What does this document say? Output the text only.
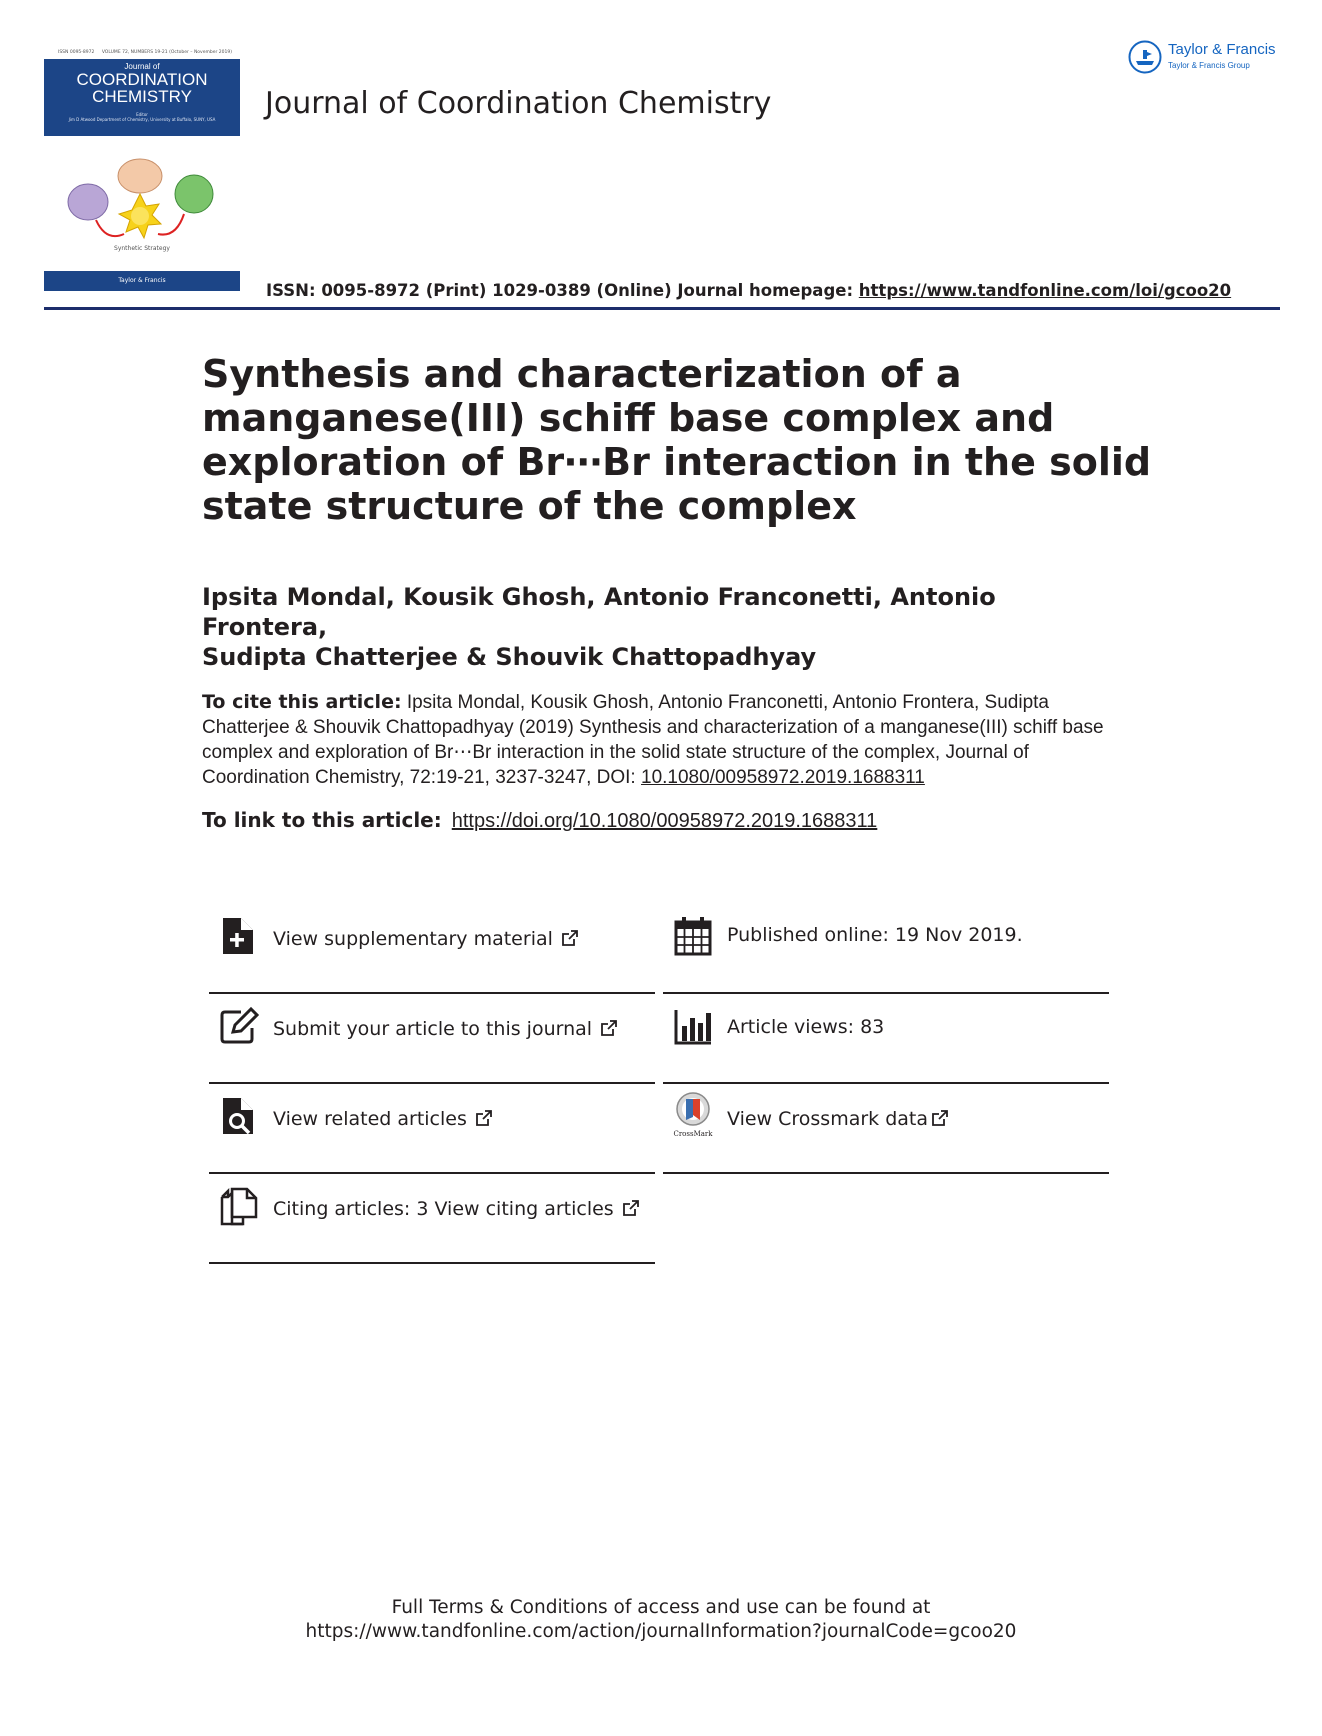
ISSN 0095-8972 VOLUME 72, NUMBERS 19-21 (October – November 2019)
Journal of
COORDINATION
CHEMISTRY
Editor
Jim D Atwood Department of Chemistry, University at Buffalo, SUNY, USA
Synthetic Strategy
Taylor & Francis
Journal of Coordination Chemistry
Taylor & Francis
Taylor & Francis Group
ISSN: 0095-8972 (Print) 1029-0389 (Online) Journal homepage: https://www.tandfonline.com/loi/gcoo20
Synthesis and characterization of a manganese(III) schiff base complex and exploration of Br⋯Br interaction in the solid state structure of the complex
Ipsita Mondal, Kousik Ghosh, Antonio Franconetti, Antonio Frontera,
Sudipta Chatterjee & Shouvik Chattopadhyay
To cite this article: Ipsita Mondal, Kousik Ghosh, Antonio Franconetti, Antonio Frontera, Sudipta Chatterjee & Shouvik Chattopadhyay (2019) Synthesis and characterization of a manganese(III) schiff base complex and exploration of Br⋯Br interaction in the solid state structure of the complex, Journal of Coordination Chemistry, 72:19-21, 3237-3247, DOI: 10.1080/00958972.2019.1688311
To link to this article: https://doi.org/10.1080/00958972.2019.1688311
View supplementary material	Published online: 19 Nov 2019.
Submit your article to this journal	Article views: 83
View related articles
CrossMark
View Crossmark data
Citing articles: 3 View citing articles
Full Terms & Conditions of access and use can be found at
https://www.tandfonline.com/action/journalInformation?journalCode=gcoo20
